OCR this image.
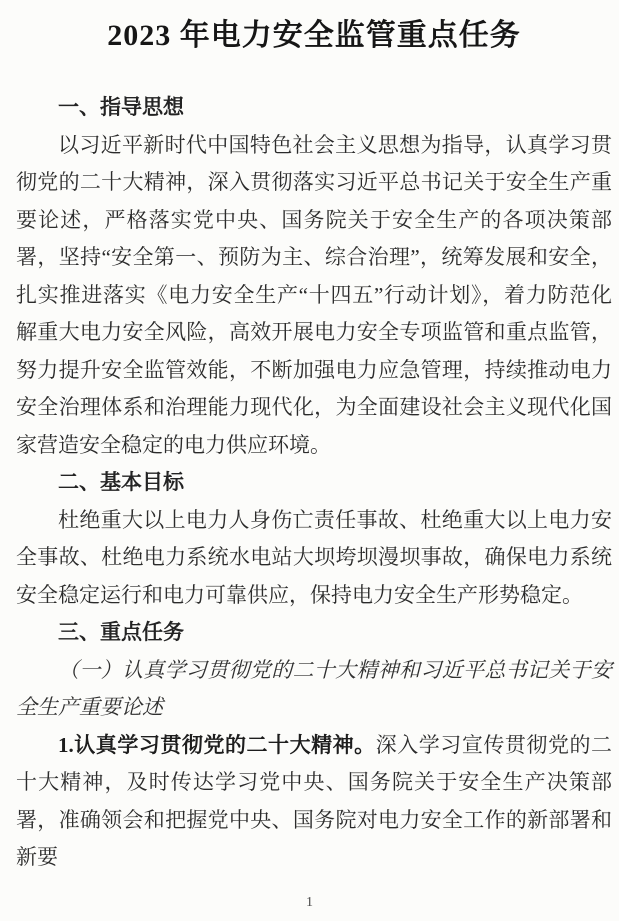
2023 年电力安全监管重点任务
一、指导思想

以习近平新时代中国特色社会主义思想为指导，认真学习贯彻党的二十大精神，深入贯彻落实习近平总书记关于安全生产重要论述，严格落实党中央、国务院关于安全生产的各项决策部署，坚持“安全第一、预防为主、综合治理”，统筹发展和安全，扎实推进落实《电力安全生产“十四五”行动计划》，着力防范化解重大电力安全风险，高效开展电力安全专项监管和重点监管，努力提升安全监管效能，不断加强电力应急管理，持续推动电力安全治理体系和治理能力现代化，为全面建设社会主义现代化国家营造安全稳定的电力供应环境。

二、基本目标

杜绝重大以上电力人身伤亡责任事故、杜绝重大以上电力安全事故、杜绝电力系统水电站大坝垮坝漫坝事故，确保电力系统安全稳定运行和电力可靠供应，保持电力安全生产形势稳定。

三、重点任务

（一）认真学习贯彻党的二十大精神和习近平总书记关于安全生产重要论述

1.认真学习贯彻党的二十大精神。深入学习宣传贯彻党的二十大精神，及时传达学习党中央、国务院关于安全生产决策部署，准确领会和把握党中央、国务院对电力安全工作的新部署和新要

1
